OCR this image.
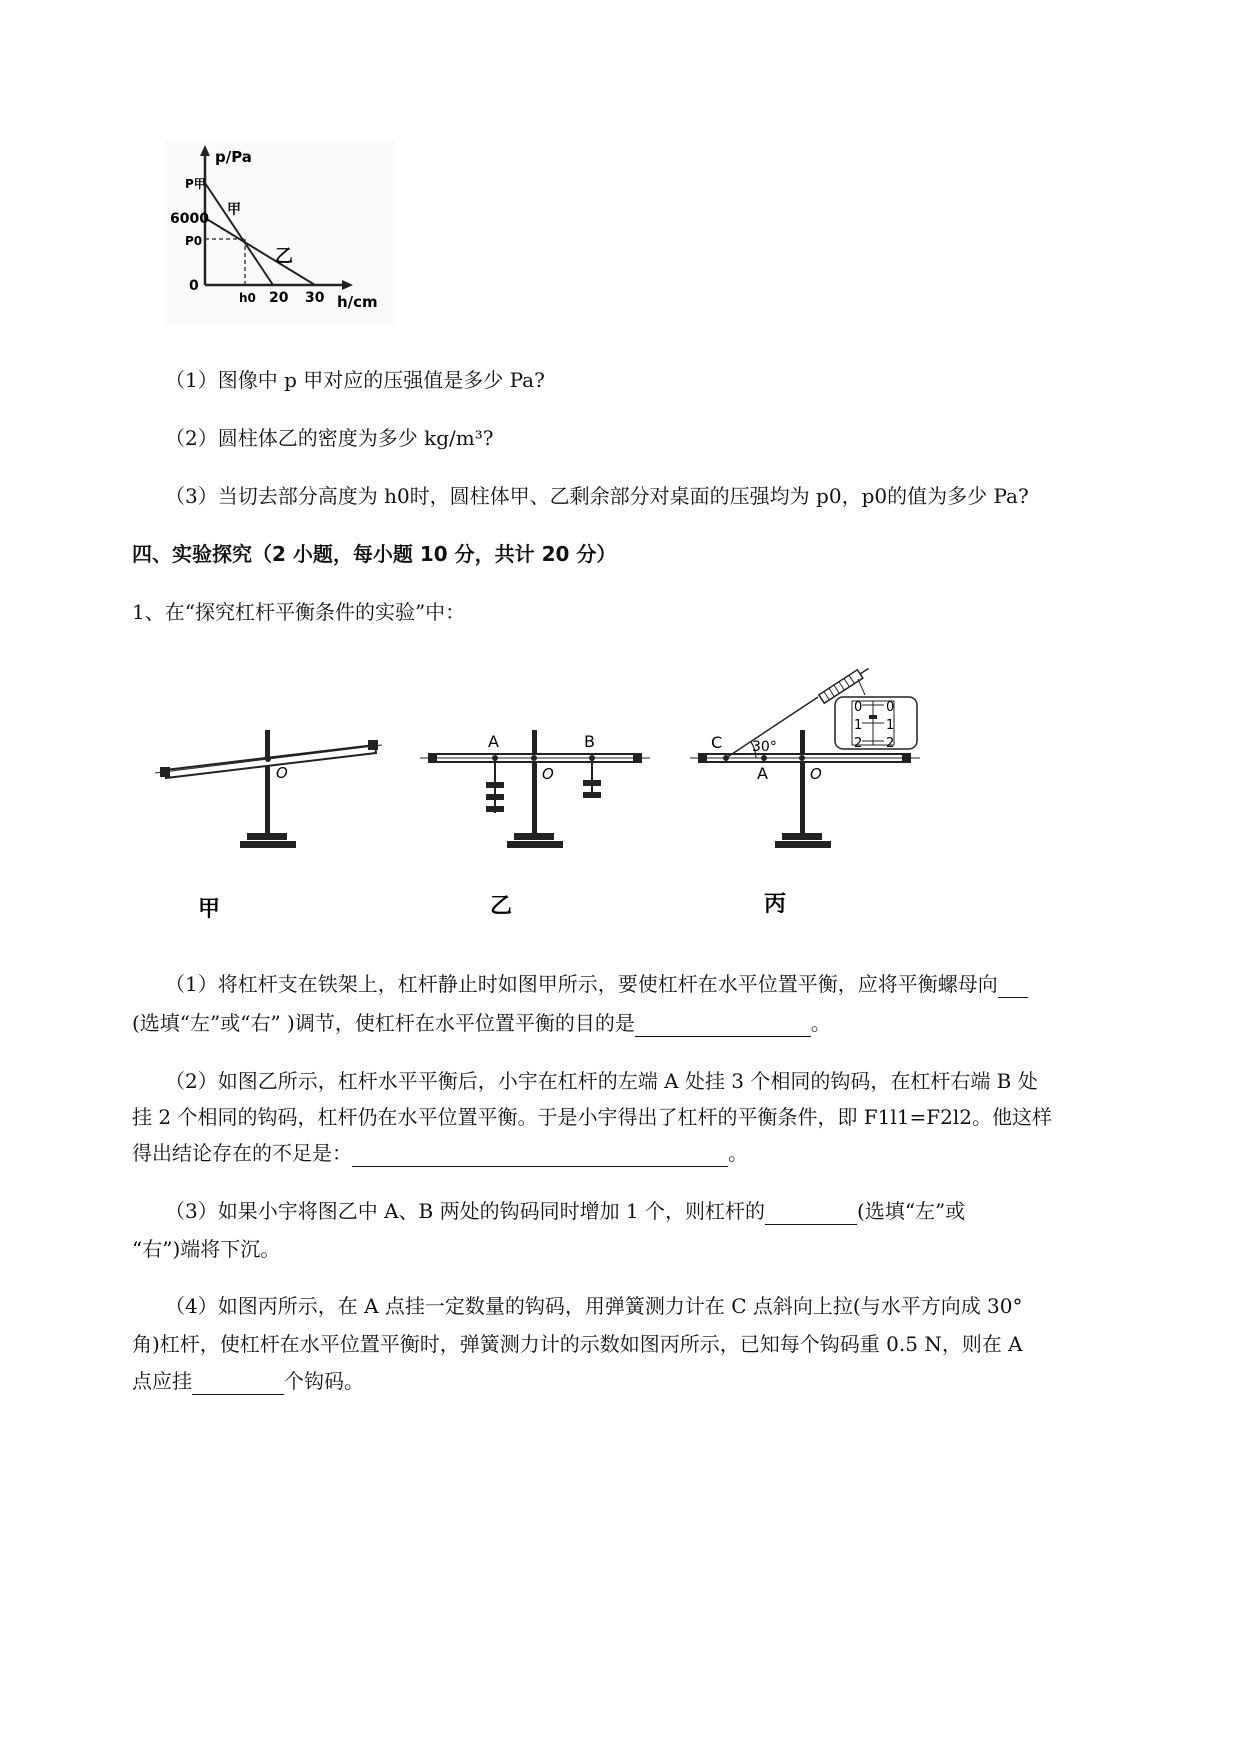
p/Pa
P甲
6000
P0
0
h0 20 30 h/cm
甲
乙
（1）图像中 p 甲对应的压强值是多少 Pa?
（2）圆柱体乙的密度为多少 kg/m³?
（3）当切去部分高度为 h0时，圆柱体甲、乙剩余部分对桌面的压强均为 p0，p0的值为多少 Pa?
四、实验探究（2 小题，每小题 10 分，共计 20 分）
1、在“探究杠杆平衡条件的实验”中：
O
甲
A	B
O
乙
0
1
2
0
1
2
C 30°
A	O
丙
（1）将杠杆支在铁架上，杠杆静止时如图甲所示，要使杠杆在水平位置平衡，应将平衡螺母向
(选填“左”或“右” )调节，使杠杆在水平位置平衡的目的是	。
（2）如图乙所示，杠杆水平平衡后，小宇在杠杆的左端 A 处挂 3 个相同的钩码，在杠杆右端 B 处
挂 2 个相同的钩码，杠杆仍在水平位置平衡。于是小宇得出了杠杆的平衡条件，即 F1l1=F2l2。他这样
得出结论存在的不足是：	。
（3）如果小宇将图乙中 A、B 两处的钩码同时增加 1 个，则杠杆的	(选填“左”或
“右”)端将下沉。
（4）如图丙所示，在 A 点挂一定数量的钩码，用弹簧测力计在 C 点斜向上拉(与水平方向成 30°
角)杠杆，使杠杆在水平位置平衡时，弹簧测力计的示数如图丙所示，已知每个钩码重 0.5 N，则在 A
点应挂	个钩码。
